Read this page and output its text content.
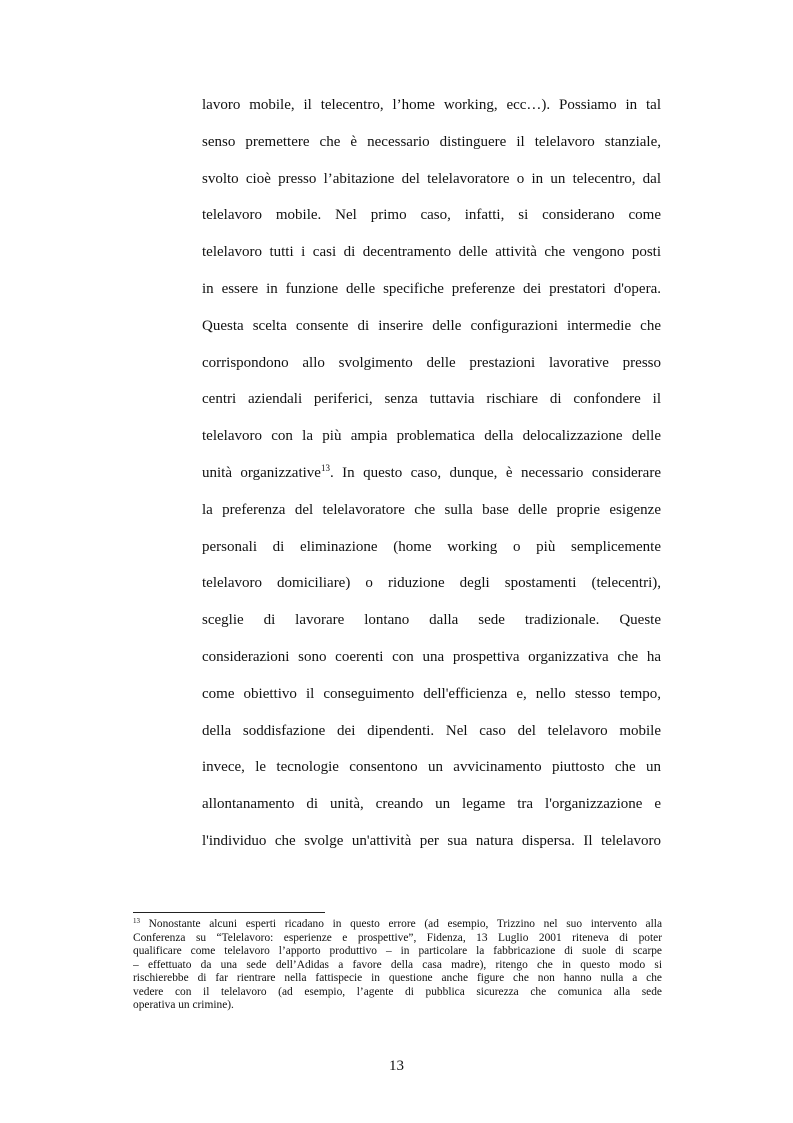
lavoro mobile, il telecentro, l’home working, ecc…). Possiamo in tal
senso premettere che è necessario distinguere il telelavoro stanziale,
svolto cioè presso l’abitazione del telelavoratore o in un telecentro, dal
telelavoro mobile. Nel primo caso, infatti, si considerano come
telelavoro tutti i casi di decentramento delle attività che vengono posti
in essere in funzione delle specifiche preferenze dei prestatori d'opera.
Questa scelta consente di inserire delle configurazioni intermedie che
corrispondono allo svolgimento delle prestazioni lavorative presso
centri aziendali periferici, senza tuttavia rischiare di confondere il
telelavoro con la più ampia problematica della delocalizzazione delle
unità organizzative$^{13}$. In questo caso, dunque, è necessario considerare
la preferenza del telelavoratore che sulla base delle proprie esigenze
personali di eliminazione (home working o più semplicemente
telelavoro domiciliare) o riduzione degli spostamenti (telecentri),
sceglie di lavorare lontano dalla sede tradizionale. Queste
considerazioni sono coerenti con una prospettiva organizzativa che ha
come obiettivo il conseguimento dell'efficienza e, nello stesso tempo,
della soddisfazione dei dipendenti. Nel caso del telelavoro mobile
invece, le tecnologie consentono un avvicinamento piuttosto che un
allontanamento di unità, creando un legame tra l'organizzazione e
l'individuo che svolge un'attività per sua natura dispersa. Il telelavoro
$^{13}$ Nonostante alcuni esperti ricadano in questo errore (ad esempio, Trizzino nel suo intervento alla
Conferenza su “Telelavoro: esperienze e prospettive”, Fidenza, 13 Luglio 2001 riteneva di poter
qualificare come telelavoro l’apporto produttivo – in particolare la fabbricazione di suole di scarpe
– effettuato da una sede dell’Adidas a favore della casa madre), ritengo che in questo modo si
rischierebbe di far rientrare nella fattispecie in questione anche figure che non hanno nulla a che
vedere con il telelavoro (ad esempio, l’agente di pubblica sicurezza che comunica alla sede
operativa un crimine).
13
